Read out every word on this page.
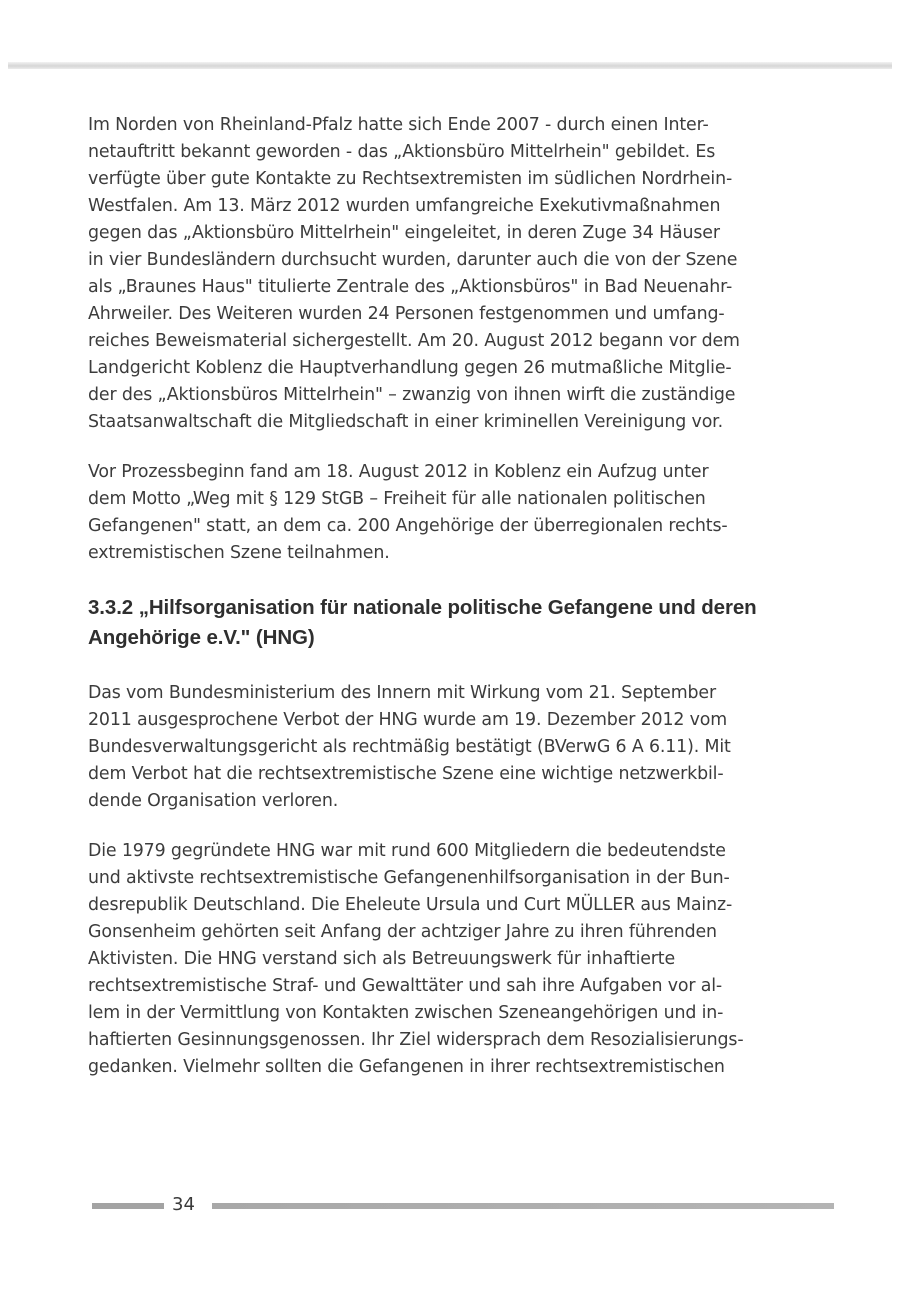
Im Norden von Rheinland-Pfalz hatte sich Ende 2007 - durch einen Inter-
netauftritt bekannt geworden - das „Aktionsbüro Mittelrhein" gebildet. Es
verfügte über gute Kontakte zu Rechtsextremisten im südlichen Nordrhein-
Westfalen. Am 13. März 2012 wurden umfangreiche Exekutivmaßnahmen
gegen das „Aktionsbüro Mittelrhein" eingeleitet, in deren Zuge 34 Häuser
in vier Bundesländern durchsucht wurden, darunter auch die von der Szene
als „Braunes Haus" titulierte Zentrale des „Aktionsbüros" in Bad Neuenahr-
Ahrweiler. Des Weiteren wurden 24 Personen festgenommen und umfang-
reiches Beweismaterial sichergestellt. Am 20. August 2012 begann vor dem
Landgericht Koblenz die Hauptverhandlung gegen 26 mutmaßliche Mitglie-
der des „Aktionsbüros Mittelrhein" – zwanzig von ihnen wirft die zuständige
Staatsanwaltschaft die Mitgliedschaft in einer kriminellen Vereinigung vor.

Vor Prozessbeginn fand am 18. August 2012 in Koblenz ein Aufzug unter
dem Motto „Weg mit § 129 StGB – Freiheit für alle nationalen politischen
Gefangenen" statt, an dem ca. 200 Angehörige der überregionalen rechts-
extremistischen Szene teilnahmen.

3.3.2 „Hilfsorganisation für nationale politische Gefangene und deren
Angehörige e.V." (HNG)

Das vom Bundesministerium des Innern mit Wirkung vom 21. September
2011 ausgesprochene Verbot der HNG wurde am 19. Dezember 2012 vom
Bundesverwaltungsgericht als rechtmäßig bestätigt (BVerwG 6 A 6.11). Mit
dem Verbot hat die rechtsextremistische Szene eine wichtige netzwerkbil-
dende Organisation verloren.

Die 1979 gegründete HNG war mit rund 600 Mitgliedern die bedeutendste
und aktivste rechtsextremistische Gefangenenhilfsorganisation in der Bun-
desrepublik Deutschland. Die Eheleute Ursula und Curt MÜLLER aus Mainz-
Gonsenheim gehörten seit Anfang der achtziger Jahre zu ihren führenden
Aktivisten. Die HNG verstand sich als Betreuungswerk für inhaftierte
rechtsextremistische Straf- und Gewalttäter und sah ihre Aufgaben vor al-
lem in der Vermittlung von Kontakten zwischen Szeneangehörigen und in-
haftierten Gesinnungsgenossen. Ihr Ziel widersprach dem Resozialisierungs-
gedanken. Vielmehr sollten die Gefangenen in ihrer rechtsextremistischen

34
